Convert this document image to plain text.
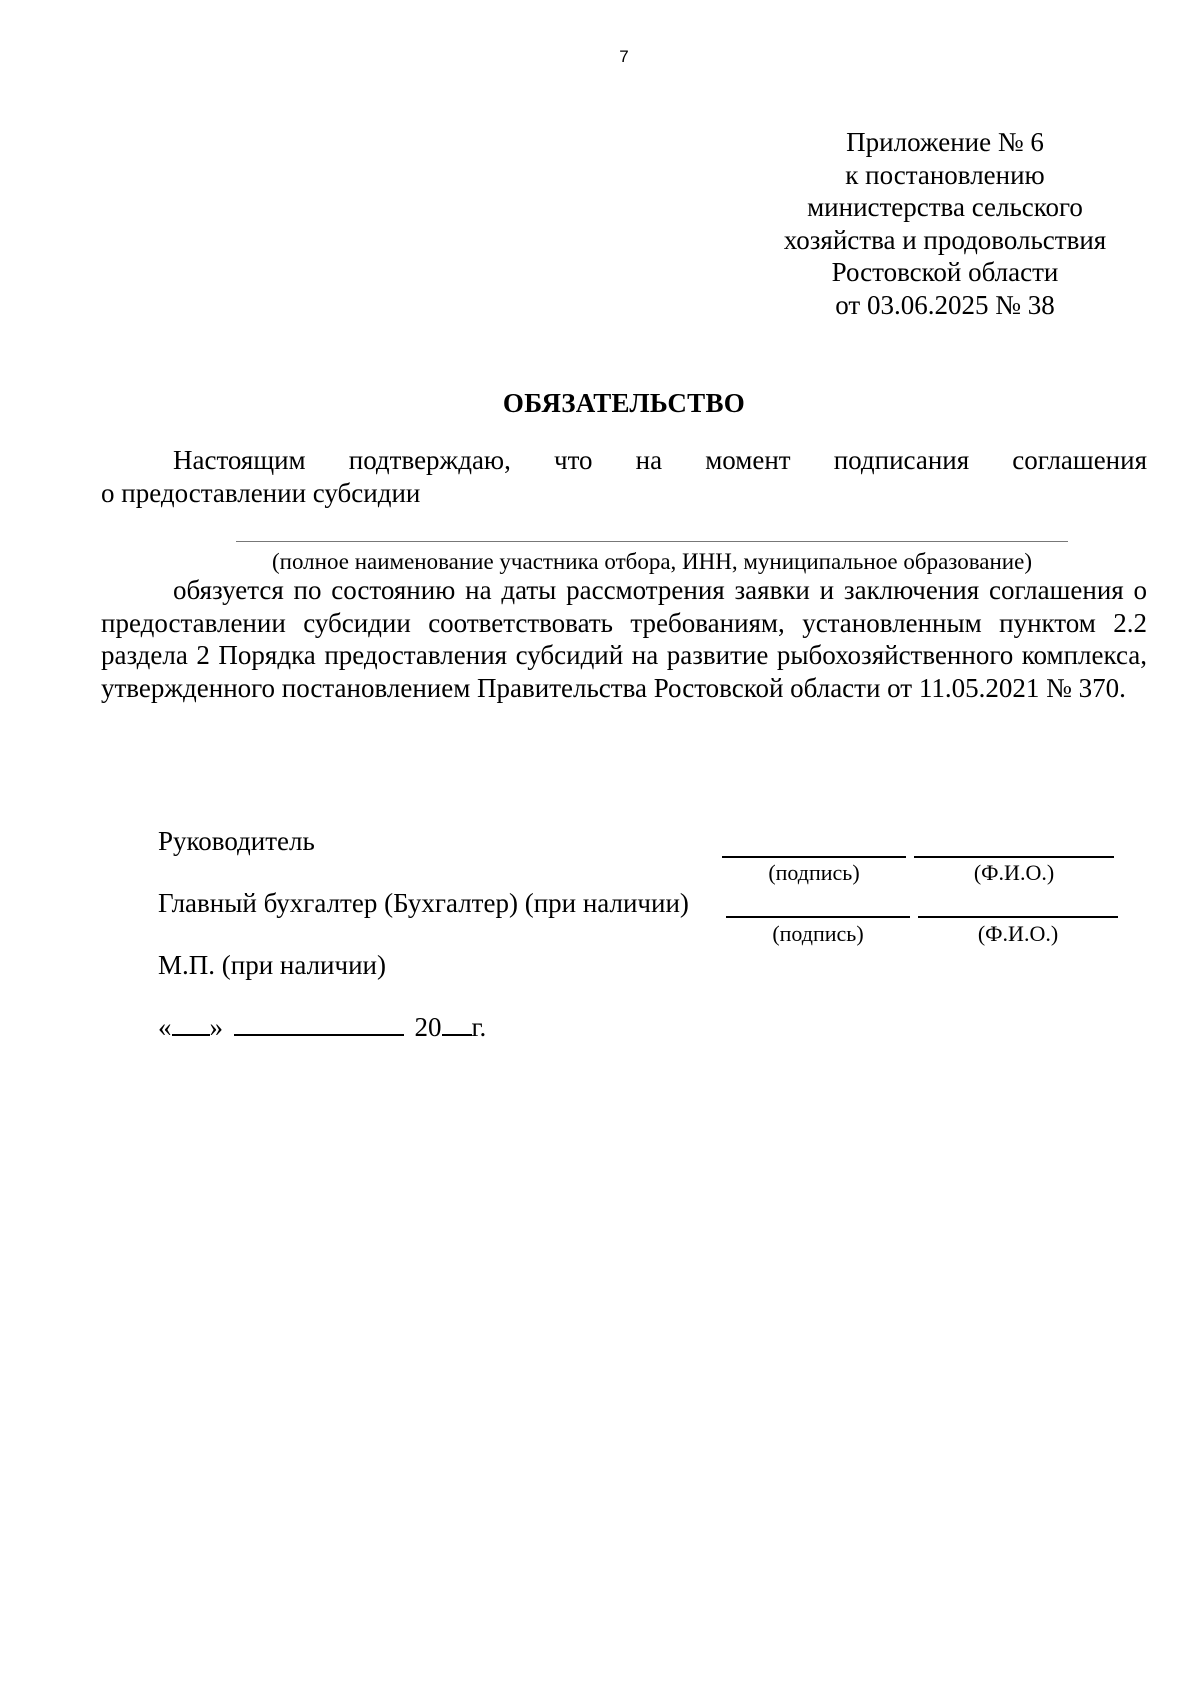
7
Приложение № 6
к постановлению
министерства сельского
хозяйства и продовольствия
Ростовской области
от 03.06.2025 № 38
ОБЯЗАТЕЛЬСТВО
Настоящим подтверждаю, что на момент подписания соглашения
о предоставлении субсидии
(полное наименование участника отбора, ИНН, муниципальное образование)

обязуется по состоянию на даты рассмотрения заявки и заключения соглашения о предоставлении субсидии соответствовать требованиям, установленным пунктом 2.2 раздела 2 Порядка предоставления субсидий на развитие рыбохозяйственного комплекса, утвержденного постановлением Правительства Ростовской области от 11.05.2021 № 370.

Руководитель
(подпись)	(Ф.И.О.)
Главный бухгалтер (Бухгалтер) (при наличии)
(подпись)	(Ф.И.О.)
М.П. (при наличии)
« »	20 г.
